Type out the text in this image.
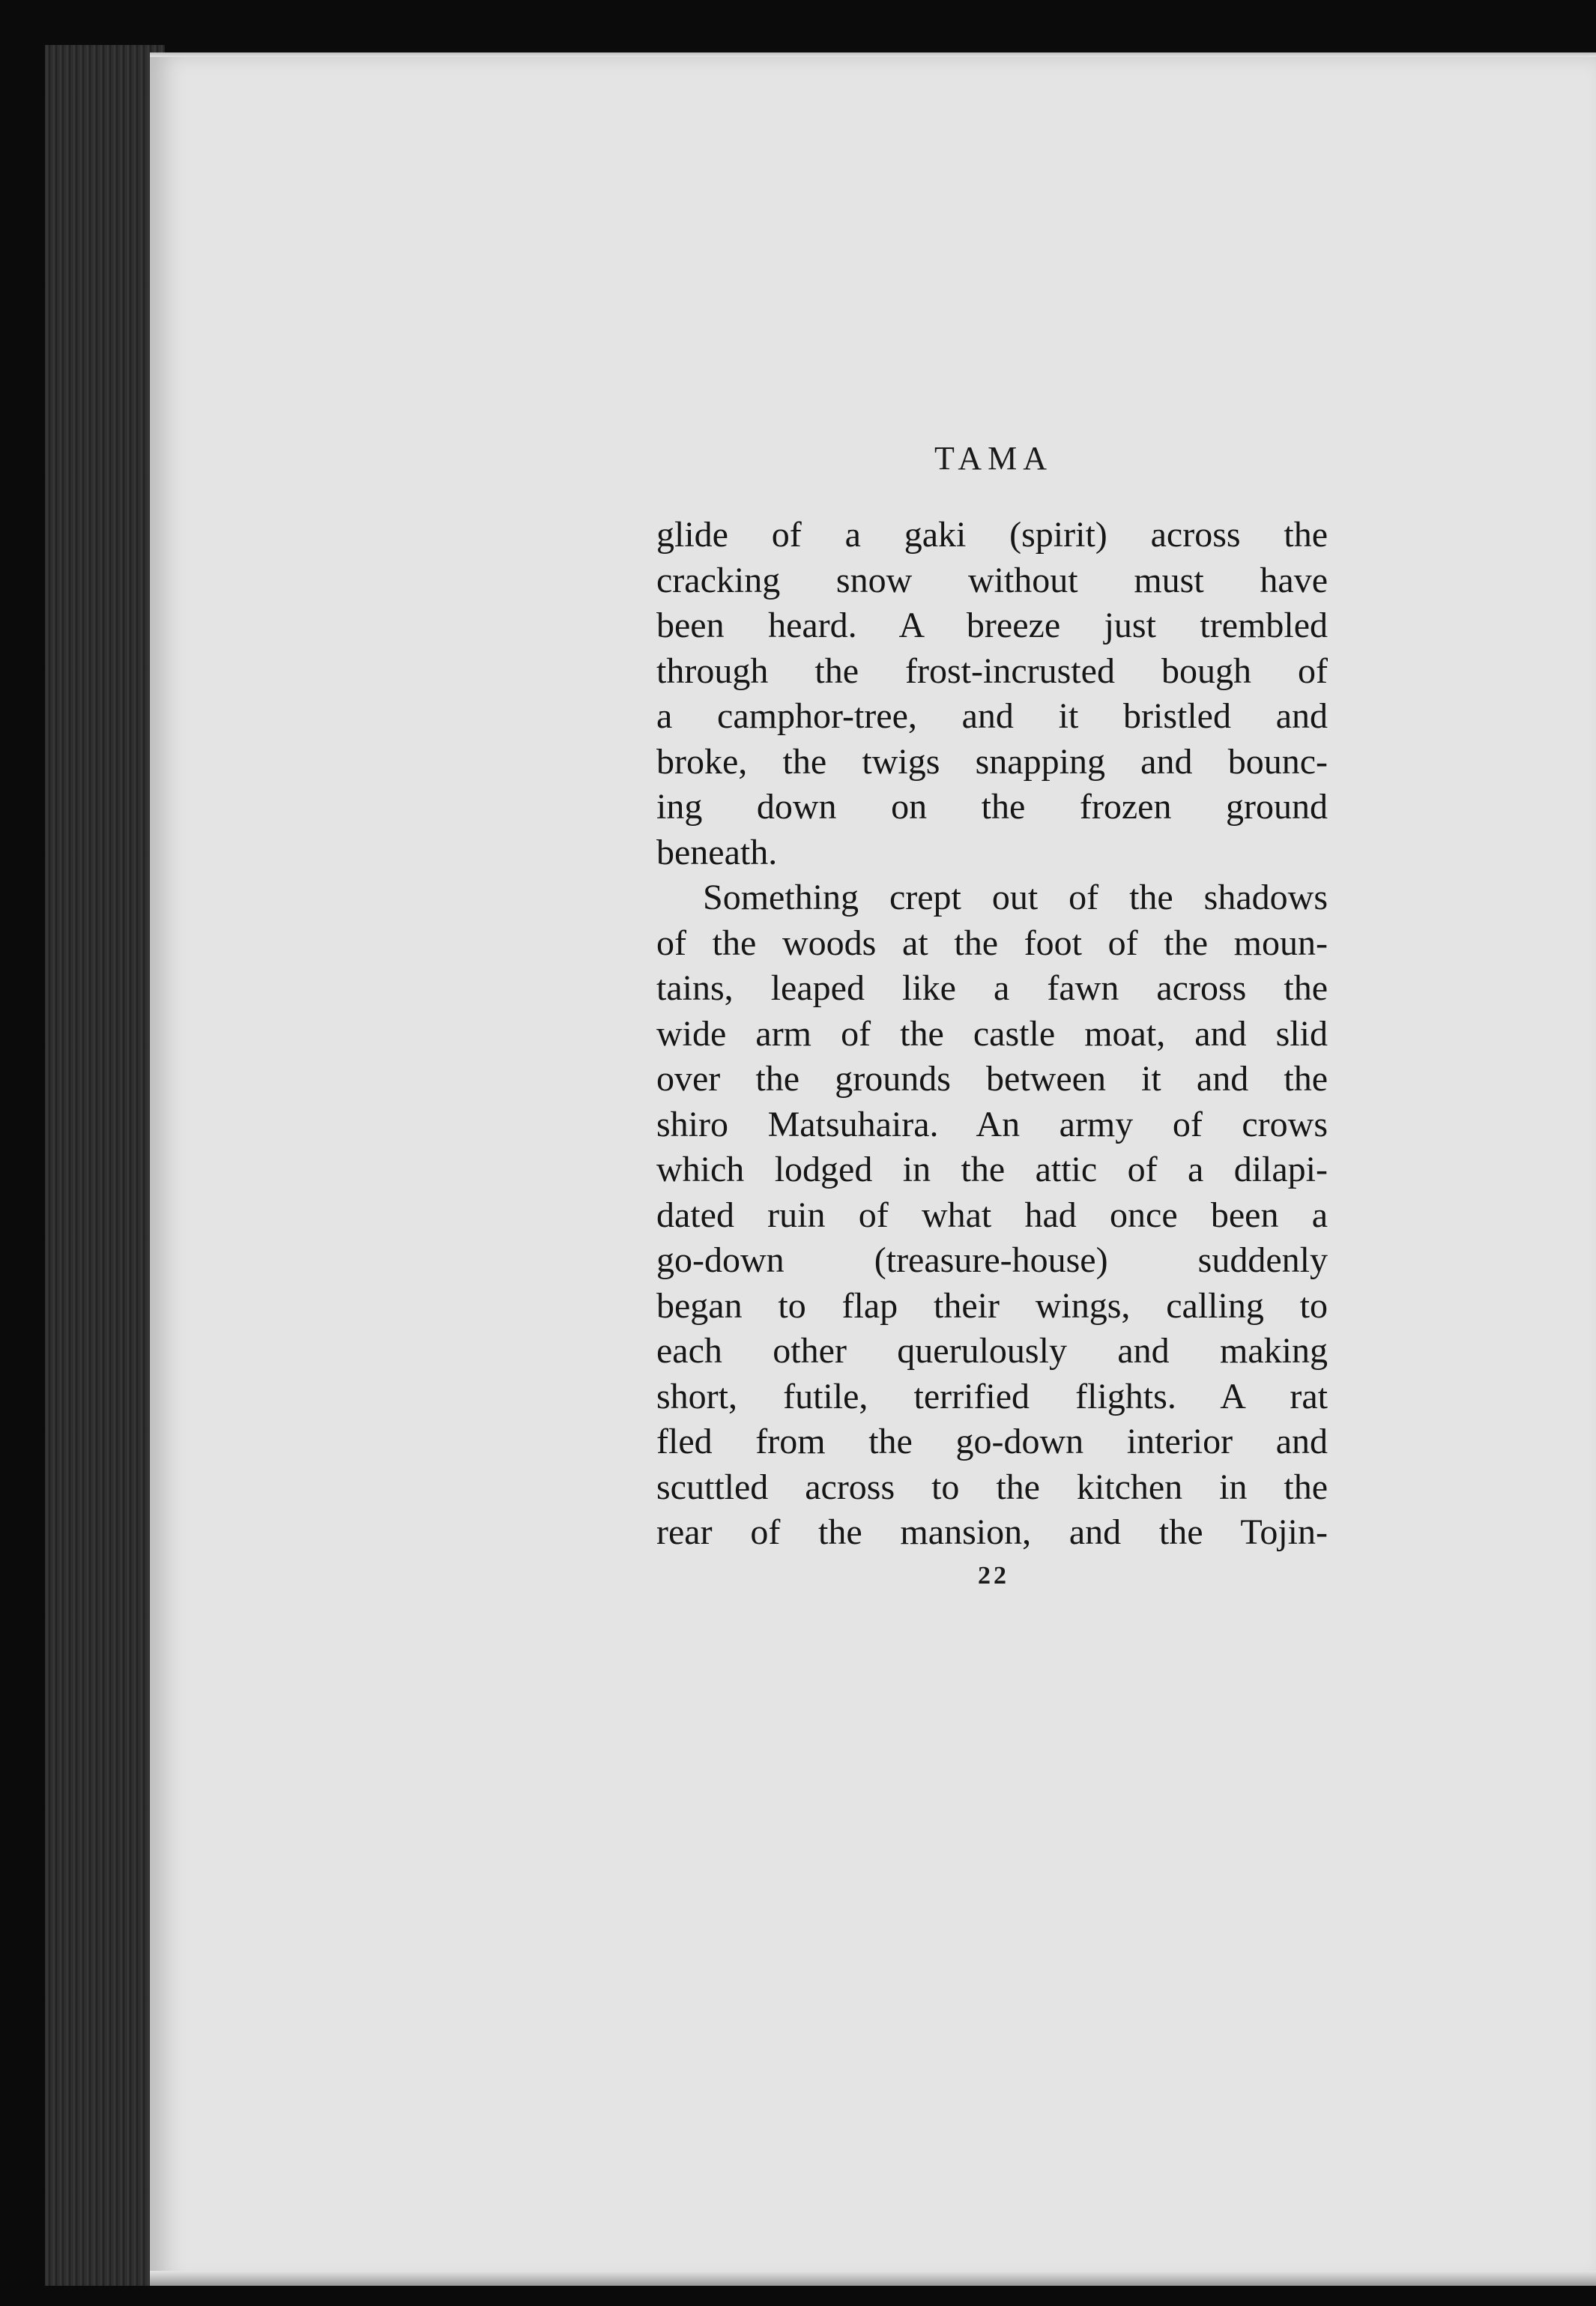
TAMA
glide of a gaki (spirit) across the
cracking snow without must have
been heard. A breeze just trembled
through the frost-incrusted bough of
a camphor-tree, and it bristled and
broke, the twigs snapping and bounc-
ing down on the frozen ground
beneath.
Something crept out of the shadows
of the woods at the foot of the moun-
tains, leaped like a fawn across the
wide arm of the castle moat, and slid
over the grounds between it and the
shiro Matsuhaira. An army of crows
which lodged in the attic of a dilapi-
dated ruin of what had once been a
go-down (treasure-house) suddenly
began to flap their wings, calling to
each other querulously and making
short, futile, terrified flights. A rat
fled from the go-down interior and
scuttled across to the kitchen in the
rear of the mansion, and the Tojin-
22
